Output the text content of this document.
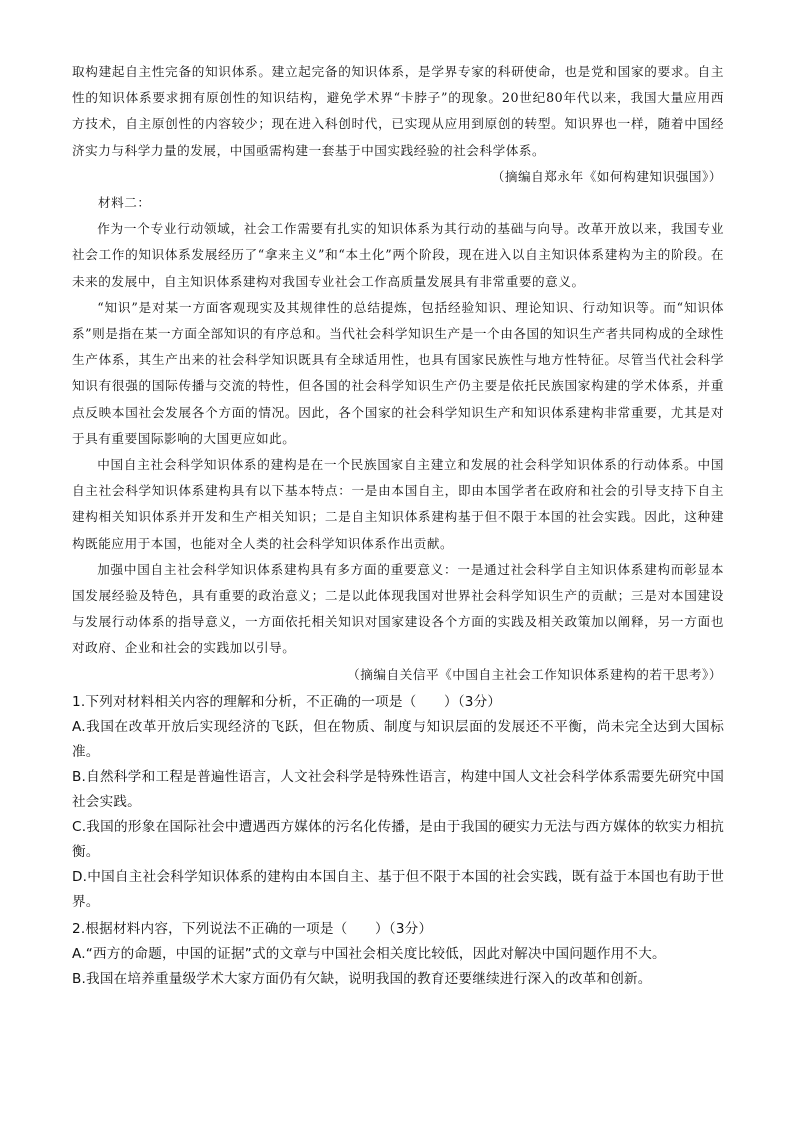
取构建起自主性完备的知识体系。建立起完备的知识体系，是学界专家的科研使命，也是党和国家的要求。自主性的知识体系要求拥有原创性的知识结构，避免学术界“卡脖子”的现象。20世纪80年代以来，我国大量应用西方技术，自主原创性的内容较少；现在进入科创时代，已实现从应用到原创的转型。知识界也一样，随着中国经济实力与科学力量的发展，中国亟需构建一套基于中国实践经验的社会科学体系。

（摘编自郑永年《如何构建知识强国》）

材料二：

作为一个专业行动领域，社会工作需要有扎实的知识体系为其行动的基础与向导。改革开放以来，我国专业社会工作的知识体系发展经历了“拿来主义”和“本土化”两个阶段，现在进入以自主知识体系建构为主的阶段。在未来的发展中，自主知识体系建构对我国专业社会工作高质量发展具有非常重要的意义。

“知识”是对某一方面客观现实及其规律性的总结提炼，包括经验知识、理论知识、行动知识等。而“知识体系”则是指在某一方面全部知识的有序总和。当代社会科学知识生产是一个由各国的知识生产者共同构成的全球性生产体系，其生产出来的社会科学知识既具有全球适用性，也具有国家民族性与地方性特征。尽管当代社会科学知识有很强的国际传播与交流的特性，但各国的社会科学知识生产仍主要是依托民族国家构建的学术体系，并重点反映本国社会发展各个方面的情况。因此，各个国家的社会科学知识生产和知识体系建构非常重要，尤其是对于具有重要国际影响的大国更应如此。

中国自主社会科学知识体系的建构是在一个民族国家自主建立和发展的社会科学知识体系的行动体系。中国自主社会科学知识体系建构具有以下基本特点：一是由本国自主，即由本国学者在政府和社会的引导支持下自主建构相关知识体系并开发和生产相关知识；二是自主知识体系建构基于但不限于本国的社会实践。因此，这种建构既能应用于本国，也能对全人类的社会科学知识体系作出贡献。

加强中国自主社会科学知识体系建构具有多方面的重要意义：一是通过社会科学自主知识体系建构而彰显本国发展经验及特色，具有重要的政治意义；二是以此体现我国对世界社会科学知识生产的贡献；三是对本国建设与发展行动体系的指导意义，一方面依托相关知识对国家建设各个方面的实践及相关政策加以阐释，另一方面也对政府、企业和社会的实践加以引导。

（摘编自关信平《中国自主社会工作知识体系建构的若干思考》）

1.下列对材料相关内容的理解和分析，不正确的一项是（　　）（3分）

A.我国在改革开放后实现经济的飞跃，但在物质、制度与知识层面的发展还不平衡，尚未完全达到大国标准。

B.自然科学和工程是普遍性语言，人文社会科学是特殊性语言，构建中国人文社会科学体系需要先研究中国社会实践。

C.我国的形象在国际社会中遭遇西方媒体的污名化传播，是由于我国的硬实力无法与西方媒体的软实力相抗衡。

D.中国自主社会科学知识体系的建构由本国自主、基于但不限于本国的社会实践，既有益于本国也有助于世界。

2.根据材料内容，下列说法不正确的一项是（　　）（3分）

A.“西方的命题，中国的证据”式的文章与中国社会相关度比较低，因此对解决中国问题作用不大。

B.我国在培养重量级学术大家方面仍有欠缺，说明我国的教育还要继续进行深入的改革和创新。
